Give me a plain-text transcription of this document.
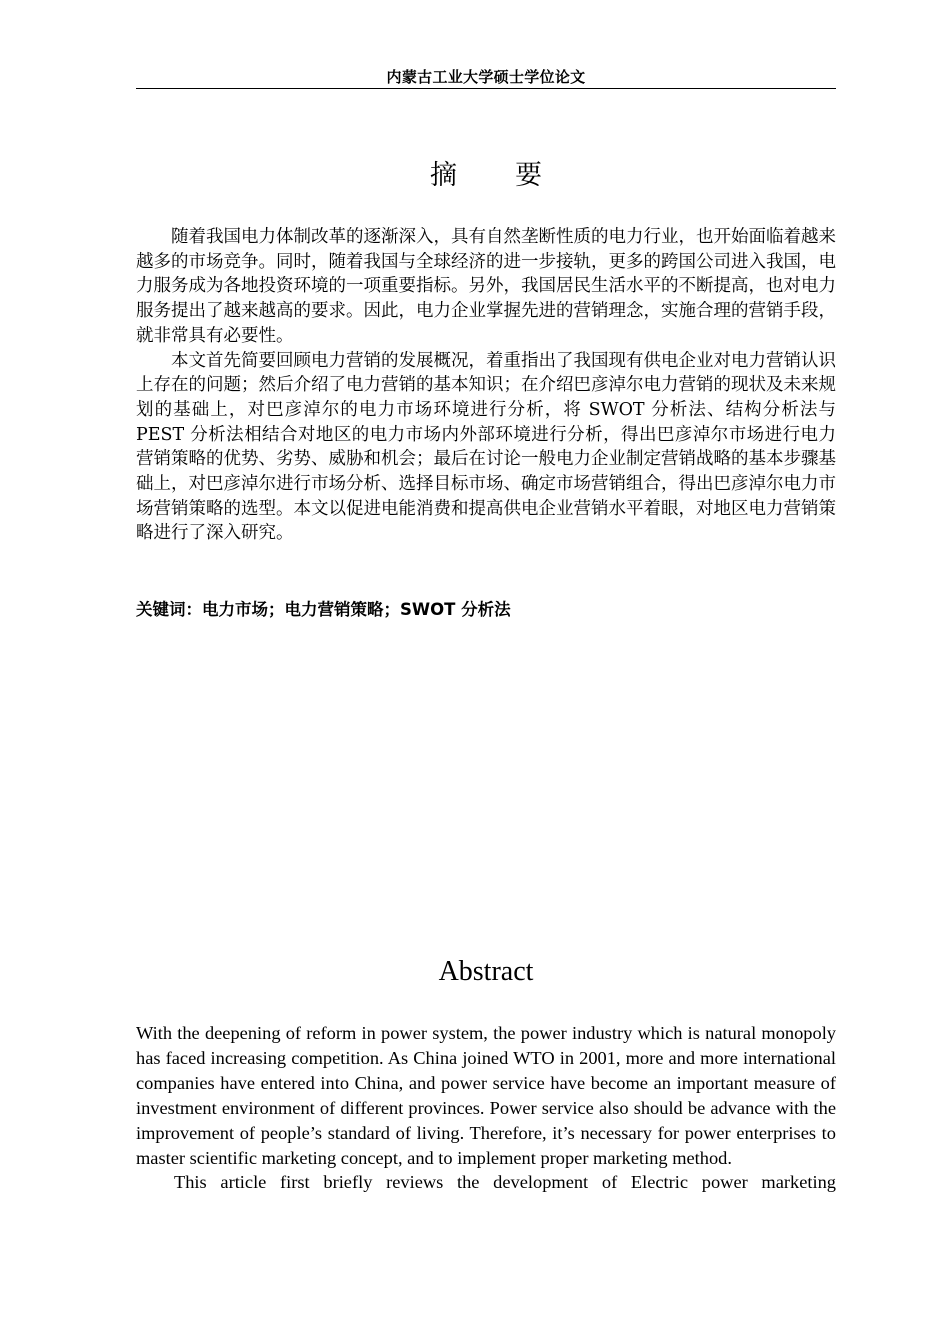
内蒙古工业大学硕士学位论文
摘 要

随着我国电力体制改革的逐渐深入，具有自然垄断性质的电力行业，也开始面临着越来越多的市场竞争。同时，随着我国与全球经济的进一步接轨，更多的跨国公司进入我国，电力服务成为各地投资环境的一项重要指标。另外，我国居民生活水平的不断提高，也对电力服务提出了越来越高的要求。因此，电力企业掌握先进的营销理念，实施合理的营销手段，就非常具有必要性。

本文首先简要回顾电力营销的发展概况，着重指出了我国现有供电企业对电力营销认识上存在的问题；然后介绍了电力营销的基本知识；在介绍巴彦淖尔电力营销的现状及未来规划的基础上，对巴彦淖尔的电力市场环境进行分析，将 SWOT 分析法、结构分析法与 PEST 分析法相结合对地区的电力市场内外部环境进行分析，得出巴彦淖尔市场进行电力营销策略的优势、劣势、威胁和机会；最后在讨论一般电力企业制定营销战略的基本步骤基础上，对巴彦淖尔进行市场分析、选择目标市场、确定市场营销组合，得出巴彦淖尔电力市场营销策略的选型。本文以促进电能消费和提高供电企业营销水平着眼，对地区电力营销策略进行了深入研究。

关键词：电力市场；电力营销策略；SWOT 分析法
Abstract

With the deepening of reform in power system, the power industry which is natural monopoly has faced increasing competition. As China joined WTO in 2001, more and more international companies have entered into China, and power service have become an important measure of investment environment of different provinces. Power service also should be advance with the improvement of people’s standard of living. Therefore, it’s necessary for power enterprises to master scientific marketing concept, and to implement proper marketing method.

This article first briefly reviews the development of Electric power marketing
